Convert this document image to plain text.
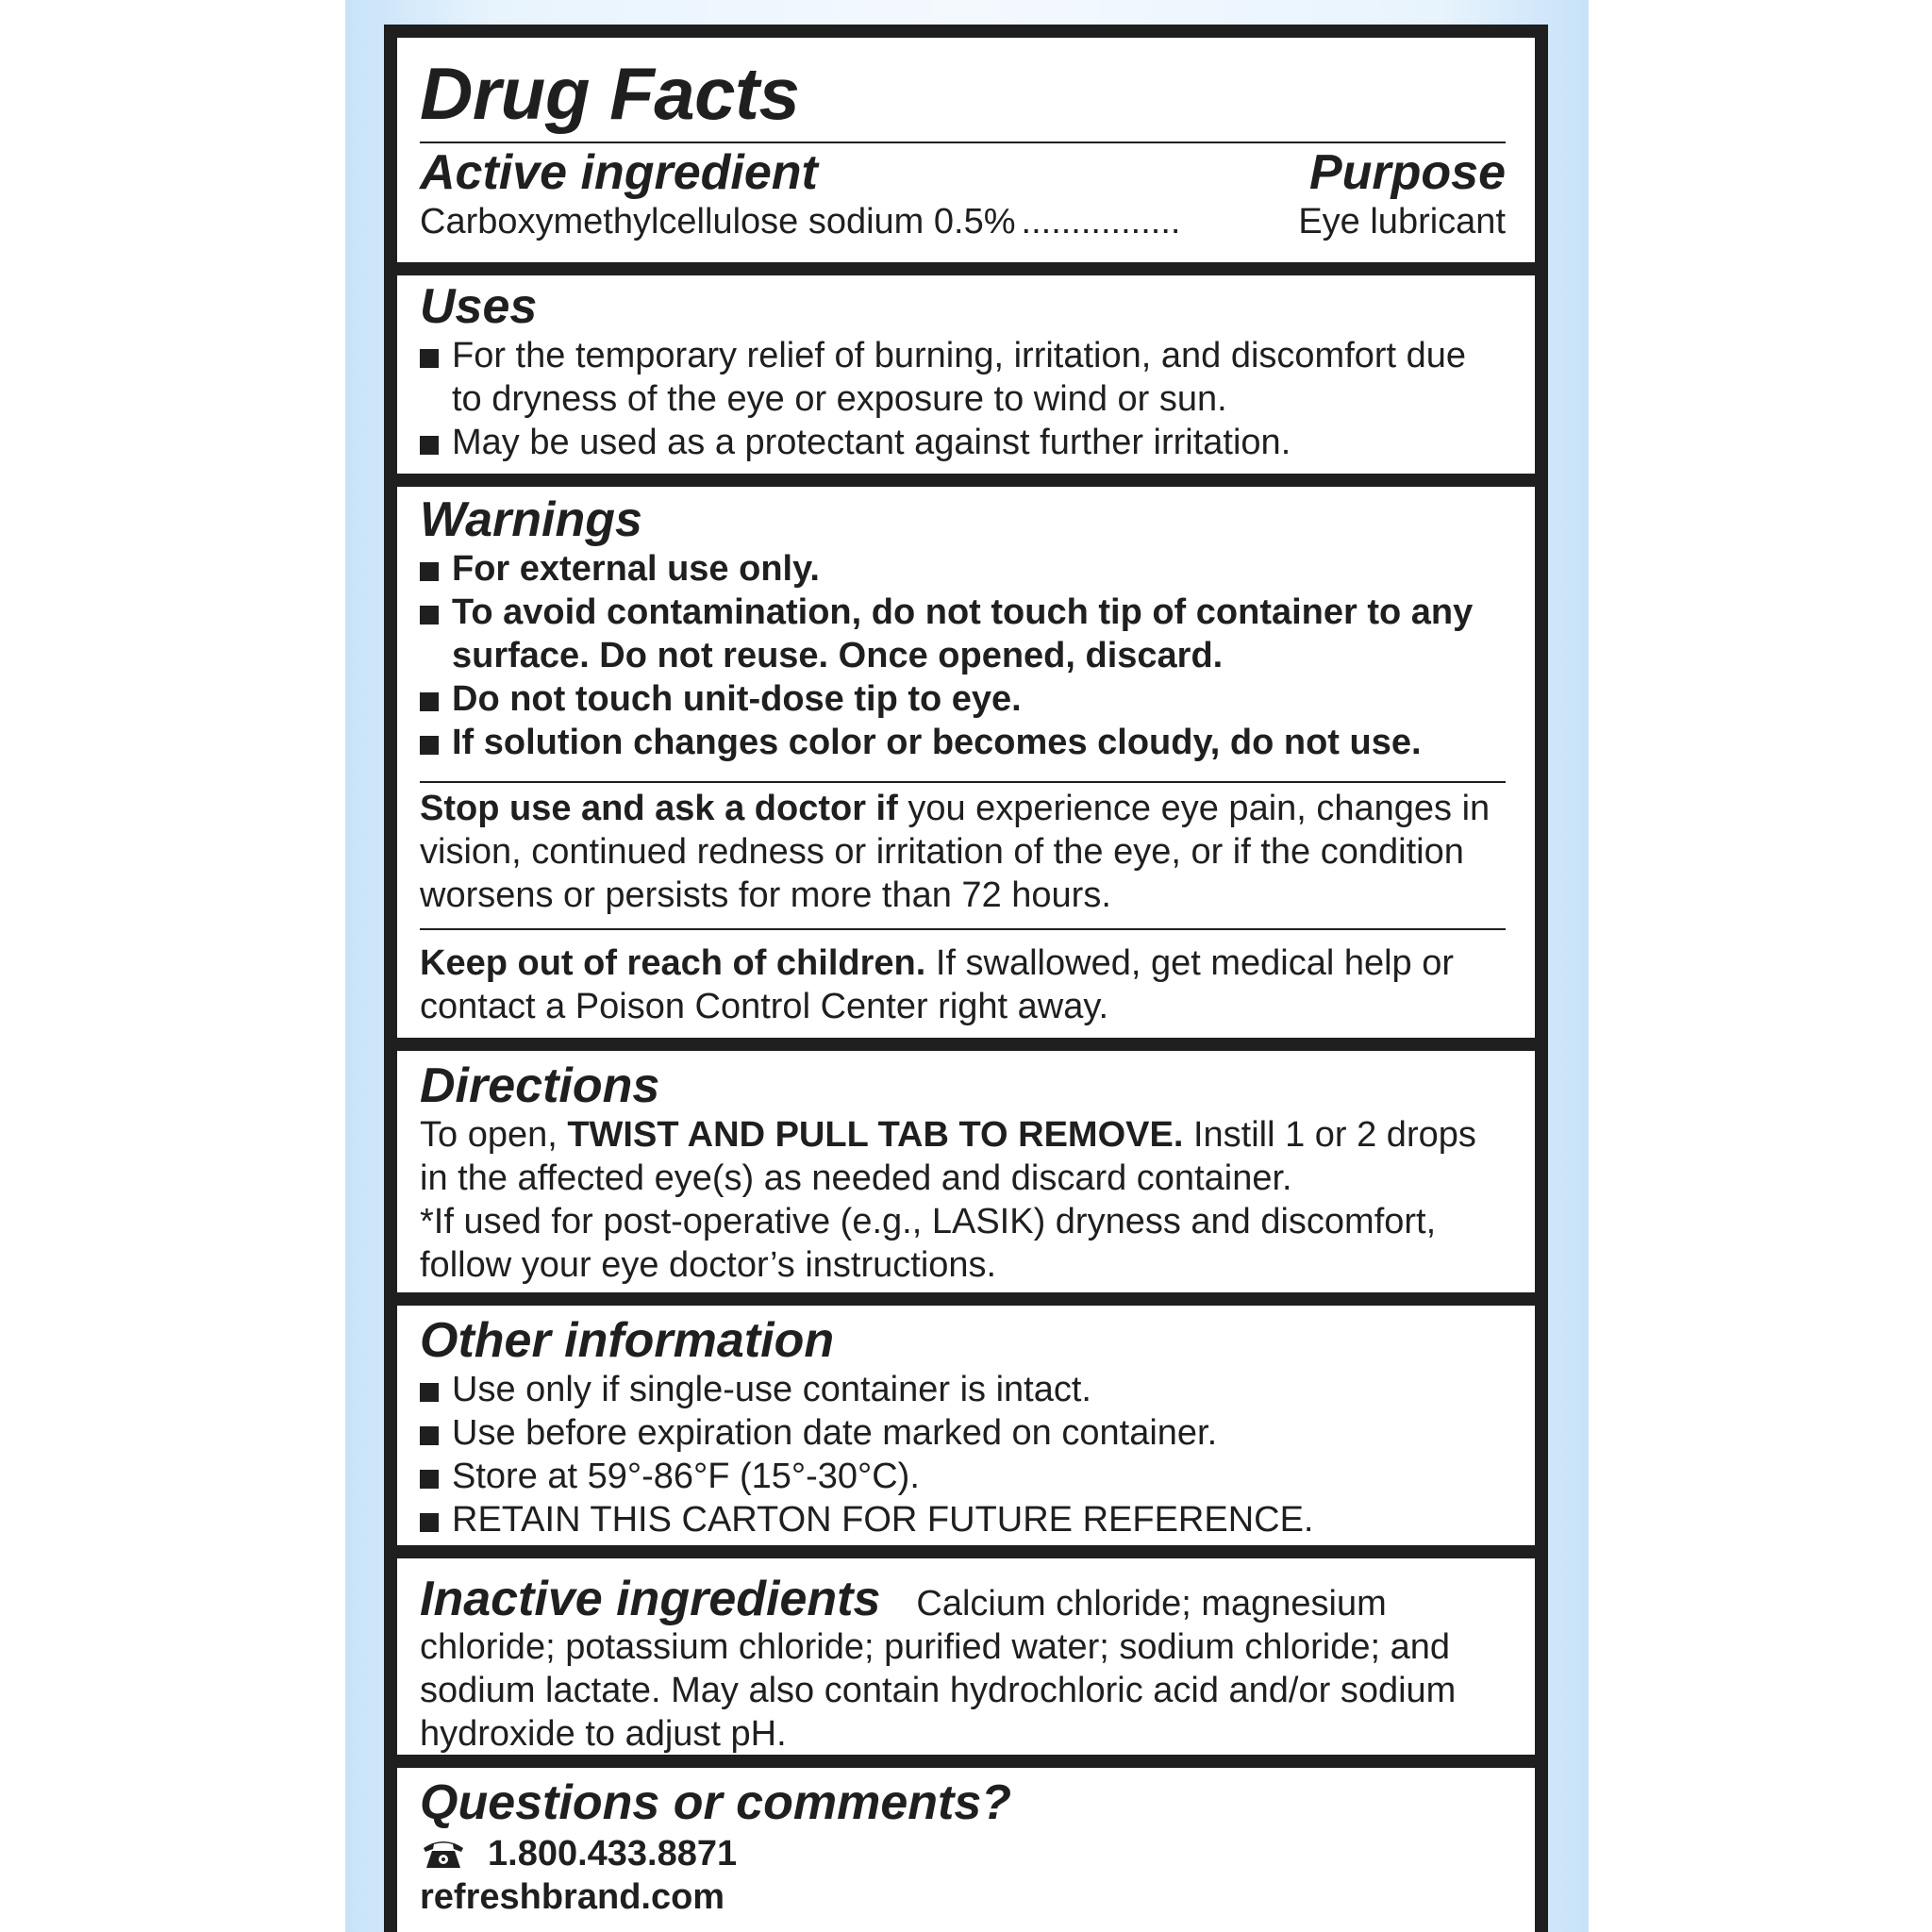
Drug Facts
Active ingredient	Purpose
Carboxymethylcellulose sodium 0.5% ................	Eye lubricant
Uses
For the temporary relief of burning, irritation, and discomfort due to dryness of the eye or exposure to wind or sun.
May be used as a protectant against further irritation.
Warnings
For external use only.
To avoid contamination, do not touch tip of container to any surface. Do not reuse. Once opened, discard.
Do not touch unit-dose tip to eye.
If solution changes color or becomes cloudy, do not use.
Stop use and ask a doctor if you experience eye pain, changes in vision, continued redness or irritation of the eye, or if the condition worsens or persists for more than 72 hours.
Keep out of reach of children. If swallowed, get medical help or contact a Poison Control Center right away.
Directions
To open, TWIST AND PULL TAB TO REMOVE. Instill 1 or 2 drops in the affected eye(s) as needed and discard container.
*If used for post-operative (e.g., LASIK) dryness and discomfort, follow your eye doctor’s instructions.
Other information
Use only if single-use container is intact.
Use before expiration date marked on container.
Store at 59°-86°F (15°-30°C).
RETAIN THIS CARTON FOR FUTURE REFERENCE.
Inactive ingredients Calcium chloride; magnesium chloride; potassium chloride; purified water; sodium chloride; and sodium lactate. May also contain hydrochloric acid and/or sodium hydroxide to adjust pH.
Questions or comments?
1.800.433.8871
refreshbrand.com
